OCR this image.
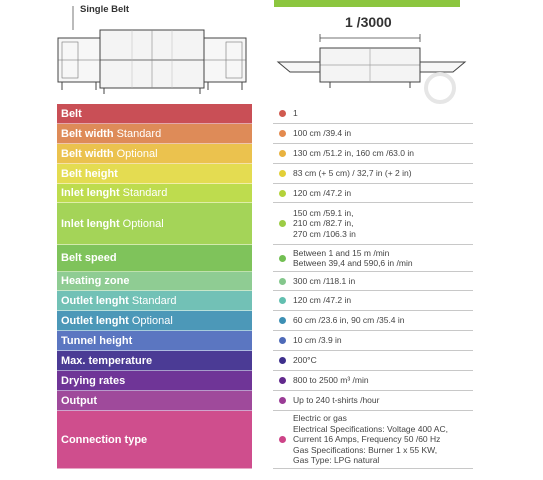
Single Belt
1 /3000
Belt
Belt width Standard
Belt width Optional
Belt height
Inlet lenght Standard
Inlet lenght Optional
Belt speed
Heating zone
Outlet lenght Standard
Outlet lenght Optional
Tunnel height
Max. temperature
Drying rates
Output
Connection type
1
100 cm /39.4 in
130 cm /51.2 in, 160 cm /63.0 in
83 cm (+ 5 cm) / 32,7 in (+ 2 in)
120 cm /47.2 in
150 cm /59.1 in,
210 cm /82.7 in,
270 cm /106.3 in
Between 1 and 15 m /min
Between 39,4 and 590,6 in /min
300 cm /118.1 in
120 cm /47.2 in
60 cm /23.6 in, 90 cm /35.4 in
10 cm /3.9 in
200°C
800 to 2500 m³ /min
Up to 240 t-shirts /hour
Electric or gas
Electrical Specifications: Voltage 400 AC,
Current 16 Amps, Frequency 50 /60 Hz
Gas Specifications: Burner 1 x 55 KW,
Gas Type: LPG natural
